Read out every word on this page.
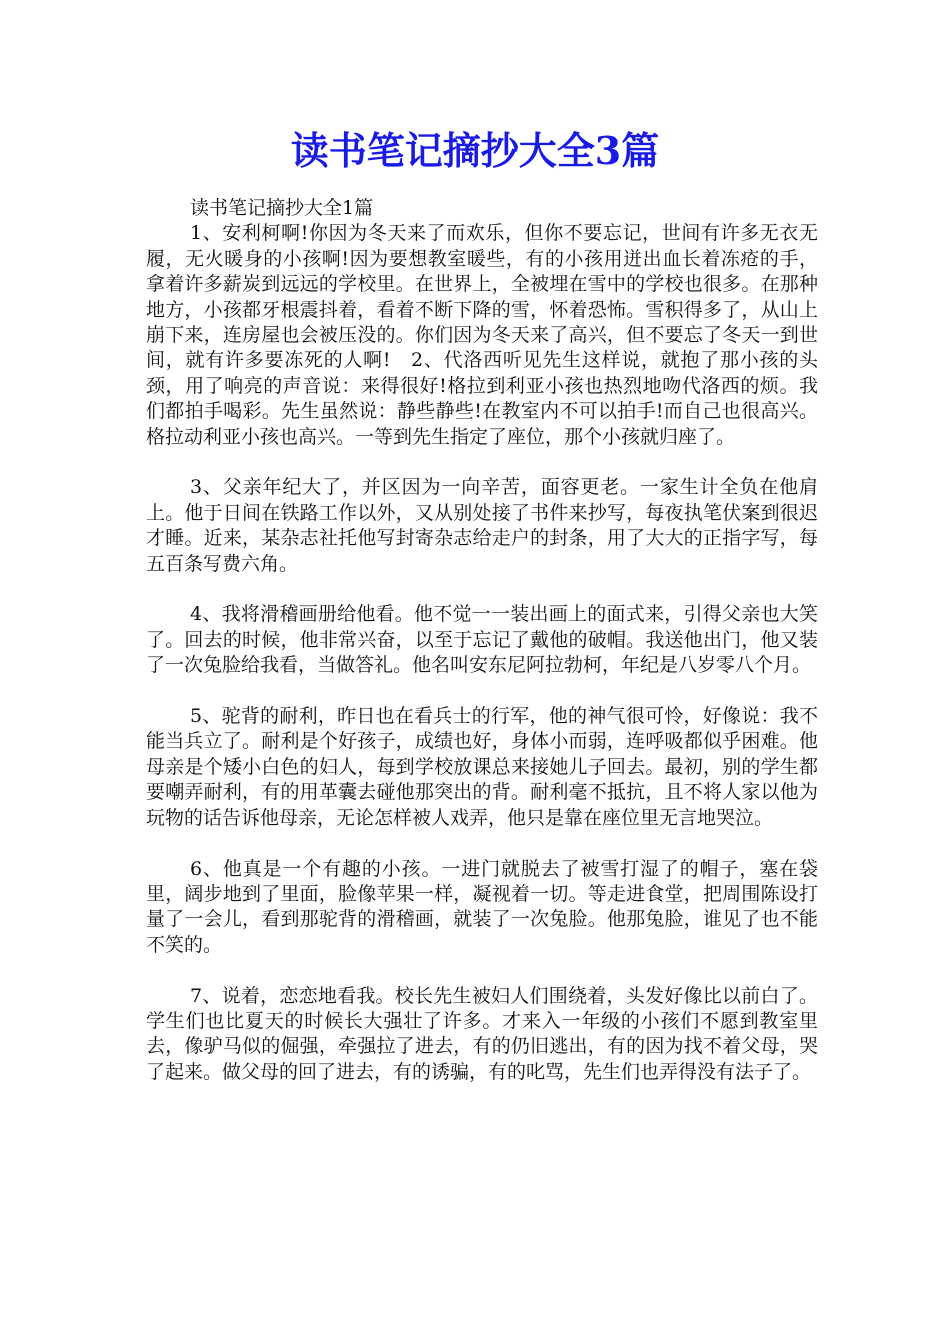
读书笔记摘抄大全3篇

读书笔记摘抄大全1篇

1、安利柯啊!你因为冬天来了而欢乐，但你不要忘记，世间有许多无衣无履，无火暖身的小孩啊!因为要想教室暖些，有的小孩用迸出血长着冻疮的手，拿着许多薪炭到远远的学校里。在世界上，全被埋在雪中的学校也很多。在那种地方，小孩都牙根震抖着，看着不断下降的雪，怀着恐怖。雪积得多了，从山上崩下来，连房屋也会被压没的。你们因为冬天来了高兴，但不要忘了冬天一到世间，就有许多要冻死的人啊!　2、代洛西听见先生这样说，就抱了那小孩的头颈，用了响亮的声音说：来得很好!格拉到利亚小孩也热烈地吻代洛西的烦。我们都拍手喝彩。先生虽然说：静些静些!在教室内不可以拍手!而自己也很高兴。格拉动利亚小孩也高兴。一等到先生指定了座位，那个小孩就归座了。

3、父亲年纪大了，并区因为一向辛苦，面容更老。一家生计全负在他肩上。他于日间在铁路工作以外，又从别处接了书件来抄写，每夜执笔伏案到很迟才睡。近来，某杂志社托他写封寄杂志给走户的封条，用了大大的正指字写，每五百条写费六角。

4、我将滑稽画册给他看。他不觉一一装出画上的面式来，引得父亲也大笑了。回去的时候，他非常兴奋，以至于忘记了戴他的破帽。我送他出门，他又装了一次兔脸给我看，当做答礼。他名叫安东尼阿拉勃柯，年纪是八岁零八个月。

5、驼背的耐利，昨日也在看兵士的行军，他的神气很可怜，好像说：我不能当兵立了。耐利是个好孩子，成绩也好，身体小而弱，连呼吸都似乎困难。他母亲是个矮小白色的妇人，每到学校放课总来接她儿子回去。最初，别的学生都要嘲弄耐利，有的用革囊去碰他那突出的背。耐利毫不抵抗，且不将人家以他为玩物的话告诉他母亲，无论怎样被人戏弄，他只是靠在座位里无言地哭泣。

6、他真是一个有趣的小孩。一进门就脱去了被雪打湿了的帽子，塞在袋里，阔步地到了里面，脸像苹果一样，凝视着一切。等走进食堂，把周围陈设打量了一会儿，看到那驼背的滑稽画，就装了一次兔脸。他那兔脸，谁见了也不能不笑的。

7、说着，恋恋地看我。校长先生被妇人们围绕着，头发好像比以前白了。学生们也比夏天的时候长大强壮了许多。才来入一年级的小孩们不愿到教室里去，像驴马似的倔强，牵强拉了进去，有的仍旧逃出，有的因为找不着父母，哭了起来。做父母的回了进去，有的诱骗，有的叱骂，先生们也弄得没有法子了。
